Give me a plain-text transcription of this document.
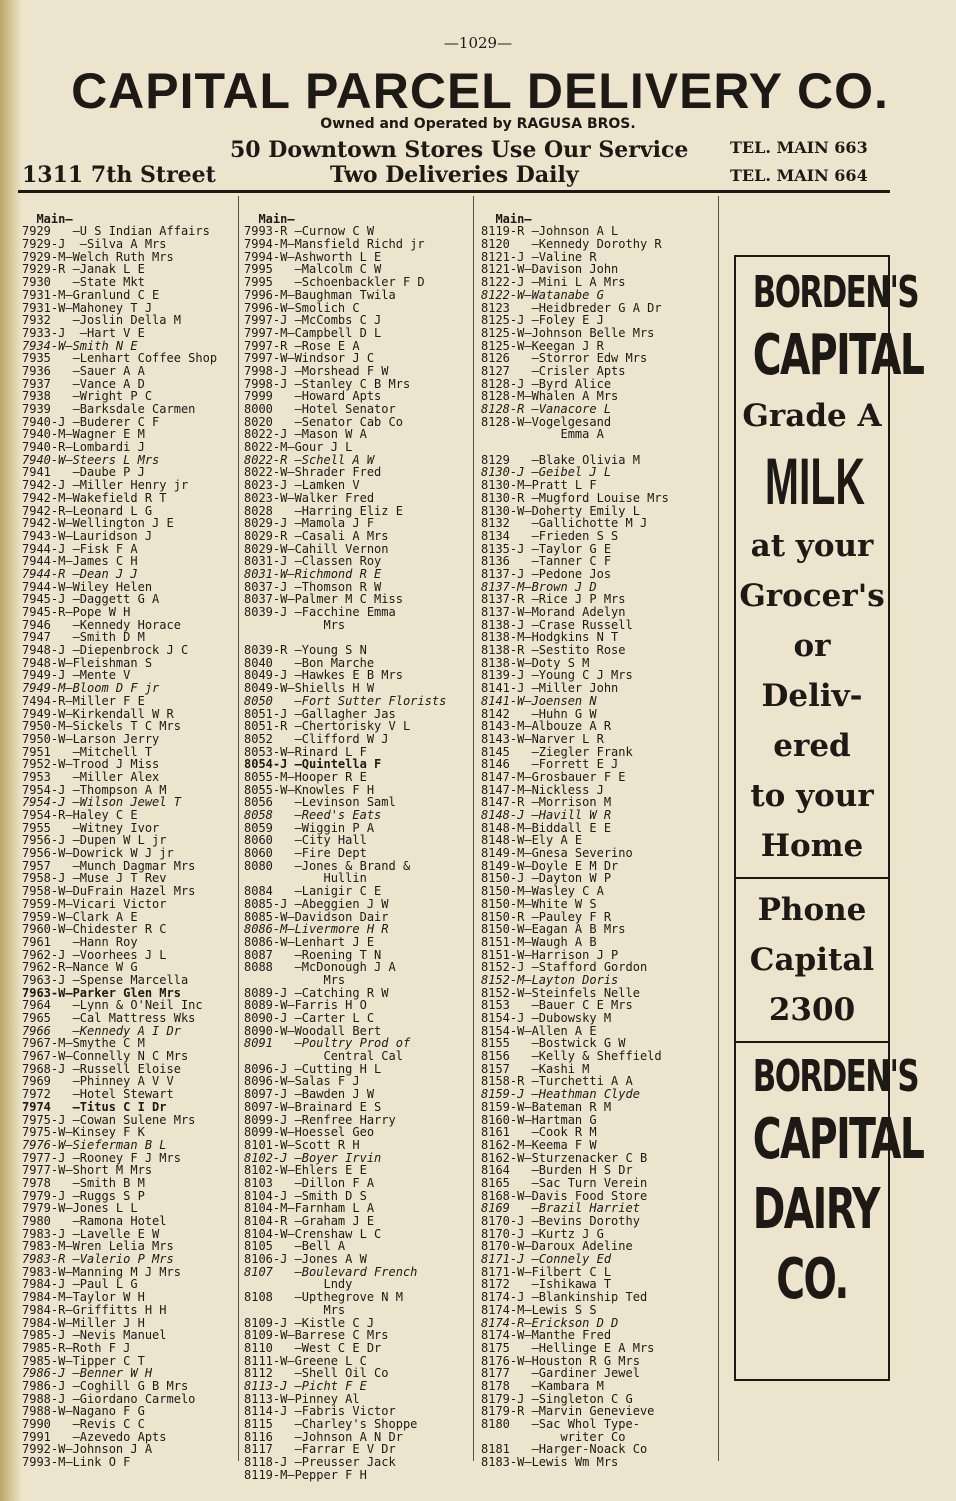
—1029—
CAPITAL PARCEL DELIVERY CO.
Owned and Operated by RAGUSA BROS.
50 Downtown Stores Use Our Service
Two Deliveries Daily
1311 7th Street
TEL. MAIN 663
TEL. MAIN 664

Main—

7929   —U S Indian Affairs
7929-J  —Silva A Mrs
7929-M—Welch Ruth Mrs
7929-R —Janak L E
7930   —State Mkt
7931-M—Granlund C E
7931-W—Mahoney T J
7932   —Joslin Della M
7933-J  —Hart V E
7934-W—Smith N E
7935   —Lenhart Coffee Shop
7936   —Sauer A A
7937   —Vance A D
7938   —Wright P C
7939   —Barksdale Carmen
7940-J —Buderer C F
7940-M—Wagner E M
7940-R—Lombardi J
7940-W—Steers L Mrs
7941   —Daube P J
7942-J —Miller Henry jr
7942-M—Wakefield R T
7942-R—Leonard L G
7942-W—Wellington J E
7943-W—Lauridson J
7944-J —Fisk F A
7944-M—James C H
7944-R —Dean J J
7944-W—Wiley Helen
7945-J —Daggett G A
7945-R—Pope W H
7946   —Kennedy Horace
7947   —Smith D M
7948-J —Diepenbrock J C
7948-W—Fleishman S
7949-J —Mente V
7949-M—Bloom D F jr
7494-R—Miller F E
7949-W—Kirkendall W R
7950-M—Sickels T C Mrs
7950-W—Larson Jerry
7951   —Mitchell T
7952-W—Trood J Miss
7953   —Miller Alex
7954-J —Thompson A M
7954-J —Wilson Jewel T
7954-R—Haley C E
7955   —Witney Ivor
7956-J —Dupen W L jr
7956-W—Dowrick W J jr
7957   —Munch Dagmar Mrs
7958-J —Muse J T Rev
7958-W—DuFrain Hazel Mrs
7959-M—Vicari Victor
7959-W—Clark A E
7960-W—Chidester R C
7961   —Hann Roy
7962-J —Voorhees J L
7962-R—Nance W G
7963-J —Spense Marcella
7963-W—Parker Glen Mrs
7964   —Lynn & O'Neil Inc
7965   —Cal Mattress Wks
7966   —Kennedy A I Dr
7967-M—Smythe C M
7967-W—Connelly N C Mrs
7968-J —Russell Eloise
7969   —Phinney A V V
7972   —Hotel Stewart
7974   —Titus C I Dr
7975-J —Cowan Sulene Mrs
7975-W—Kinsey F K
7976-W—Sieferman B L
7977-J —Rooney F J Mrs
7977-W—Short M Mrs
7978   —Smith B M
7979-J —Ruggs S P
7979-W—Jones L L
7980   —Ramona Hotel
7983-J —Lavelle E W
7983-M—Wren Lelia Mrs
7983-R —Valerio P Mrs
7983-W—Manning M J Mrs
7984-J —Paul L G
7984-M—Taylor W H
7984-R—Griffitts H H
7984-W—Miller J H
7985-J —Nevis Manuel
7985-R—Roth F J
7985-W—Tipper C T
7986-J —Benner W H
7986-J —Coghill G B Mrs
7988-J —Giordano Carmelo
7988-W—Nagano F G
7990   —Revis C C
7991   —Azevedo Apts
7992-W—Johnson J A
7993-M—Link O F

Main—

7993-R —Curnow C W
7994-M—Mansfield Richd jr
7994-W—Ashworth L E
7995   —Malcolm C W
7995   —Schoenbackler F D
7996-M—Baughman Twila
7996-W—Smolich C
7997-J —McCombs C J
7997-M—Campbell D L
7997-R —Rose E A
7997-W—Windsor J C
7998-J —Morshead F W
7998-J —Stanley C B Mrs
7999   —Howard Apts
8000   —Hotel Senator
8020   —Senator Cab Co
8022-J —Mason W A
8022-M—Gour J L
8022-R —Schell A W
8022-W—Shrader Fred
8023-J —Lamken V
8023-W—Walker Fred
8028   —Harring Eliz E
8029-J —Mamola J F
8029-R —Casali A Mrs
8029-W—Cahill Vernon
8031-J —Classen Roy
8031-W—Richmond R E
8037-J —Thomson R W
8037-W—Palmer M C Miss
8039-J —Facchine Emma
Mrs

8039-R —Young S N
8040   —Bon Marche
8049-J —Hawkes E B Mrs
8049-W—Shiells H W
8050   —Fort Sutter Florists
8051-J —Gallagher Jas
8051-R —Chertorisky V L
8052   —Clifford W J
8053-W—Rinard L F
8054-J —Quintella F
8055-M—Hooper R E
8055-W—Knowles F H
8056   —Levinson Saml
8058   —Reed's Eats
8059   —Wiggin P A
8060   —City Hall
8060   —Fire Dept
8080   —Jones & Brand &
Hullin
8084   —Lanigir C E
8085-J —Abeggien J W
8085-W—Davidson Dair
8086-M—Livermore H R
8086-W—Lenhart J E
8087   —Roening T N
8088   —McDonough J A
Mrs
8089-J —Catching R W
8089-W—Farris H O
8090-J —Carter L C
8090-W—Woodall Bert
8091   —Poultry Prod of
Central Cal
8096-J —Cutting H L
8096-W—Salas F J
8097-J —Bawden J W
8097-W—Brainard E S
8099-J —Renfree Harry
8099-W—Hoessel Geo
8101-W—Scott R H
8102-J —Boyer Irvin
8102-W—Ehlers E E
8103   —Dillon F A
8104-J —Smith D S
8104-M—Farnham L A
8104-R —Graham J E
8104-W—Crenshaw L C
8105   —Bell A
8106-J —Jones A W
8107   —Boulevard French
Lndy
8108   —Upthegrove N M
Mrs
8109-J —Kistle C J
8109-W—Barrese C Mrs
8110   —West C E Dr
8111-W—Greene L C
8112   —Shell Oil Co
8113-J —Picht F E
8113-W—Pinney Al
8114-J —Fabris Victor
8115   —Charley's Shoppe
8116   —Johnson A N Dr
8117   —Farrar E V Dr
8118-J —Preusser Jack
8119-M—Pepper F H

Main—

8119-R —Johnson A L
8120   —Kennedy Dorothy R
8121-J —Valine R
8121-W—Davison John
8122-J —Mini L A Mrs
8122-W—Watanabe G
8123   —Heidbreder G A Dr
8125-J —Foley E J
8125-W—Johnson Belle Mrs
8125-W—Keegan J R
8126   —Storror Edw Mrs
8127   —Crisler Apts
8128-J —Byrd Alice
8128-M—Whalen A Mrs
8128-R —Vanacore L
8128-W—Vogelgesand
Emma A

8129   —Blake Olivia M
8130-J —Geibel J L
8130-M—Pratt L F
8130-R —Mugford Louise Mrs
8130-W—Doherty Emily L
8132   —Gallichotte M J
8134   —Frieden S S
8135-J —Taylor G E
8136   —Tanner C F
8137-J —Pedone Jos
8137-M—Brown J D
8137-R —Rice J P Mrs
8137-W—Morand Adelyn
8138-J —Crase Russell
8138-M—Hodgkins N T
8138-R —Sestito Rose
8138-W—Doty S M
8139-J —Young C J Mrs
8141-J —Miller John
8141-W—Joensen N
8142   —Huhn G W
8143-M—Albouze A R
8143-W—Narver L R
8145   —Ziegler Frank
8146   —Forrett E J
8147-M—Grosbauer F E
8147-M—Nickless J
8147-R —Morrison M
8148-J —Havill W R
8148-M—Biddall E E
8148-W—Ely A E
8149-M—Gnesa Severino
8149-W—Doyle E M Dr
8150-J —Dayton W P
8150-M—Wasley C A
8150-M—White W S
8150-R —Pauley F R
8150-W—Eagan A B Mrs
8151-M—Waugh A B
8151-W—Harrison J P
8152-J —Stafford Gordon
8152-M—Layton Doris
8152-W—Steinfels Nelle
8153   —Bauer C E Mrs
8154-J —Dubowsky M
8154-W—Allen A E
8155   —Bostwick G W
8156   —Kelly & Sheffield
8157   —Kashi M
8158-R —Turchetti A A
8159-J —Heathman Clyde
8159-W—Bateman R M
8160-W—Hartman G
8161   —Cook R M
8162-M—Keema F W
8162-W—Sturzenacker C B
8164   —Burden H S Dr
8165   —Sac Turn Verein
8168-W—Davis Food Store
8169   —Brazil Harriet
8170-J —Bevins Dorothy
8170-J —Kurtz J G
8170-W—Daroux Adeline
8171-J —Connely Ed
8171-W—Filbert C L
8172   —Ishikawa T
8174-J —Blankinship Ted
8174-M—Lewis S S
8174-R—Erickson D D
8174-W—Manthe Fred
8175   —Hellinge E A Mrs
8176-W—Houston R G Mrs
8177   —Gardiner Jewel
8178   —Kambara M
8179-J —Singleton C G
8179-R —Marvin Genevieve
8180   —Sac Whol Type-
writer Co
8181   —Harger-Noack Co
8183-W—Lewis Wm Mrs
BORDEN'S
CAPITAL
Grade A
MILK
at your
Grocer's
or
Deliv-
ered
to your
Home
Phone
Capital
2300
BORDEN'S
CAPITAL
DAIRY
CO.
